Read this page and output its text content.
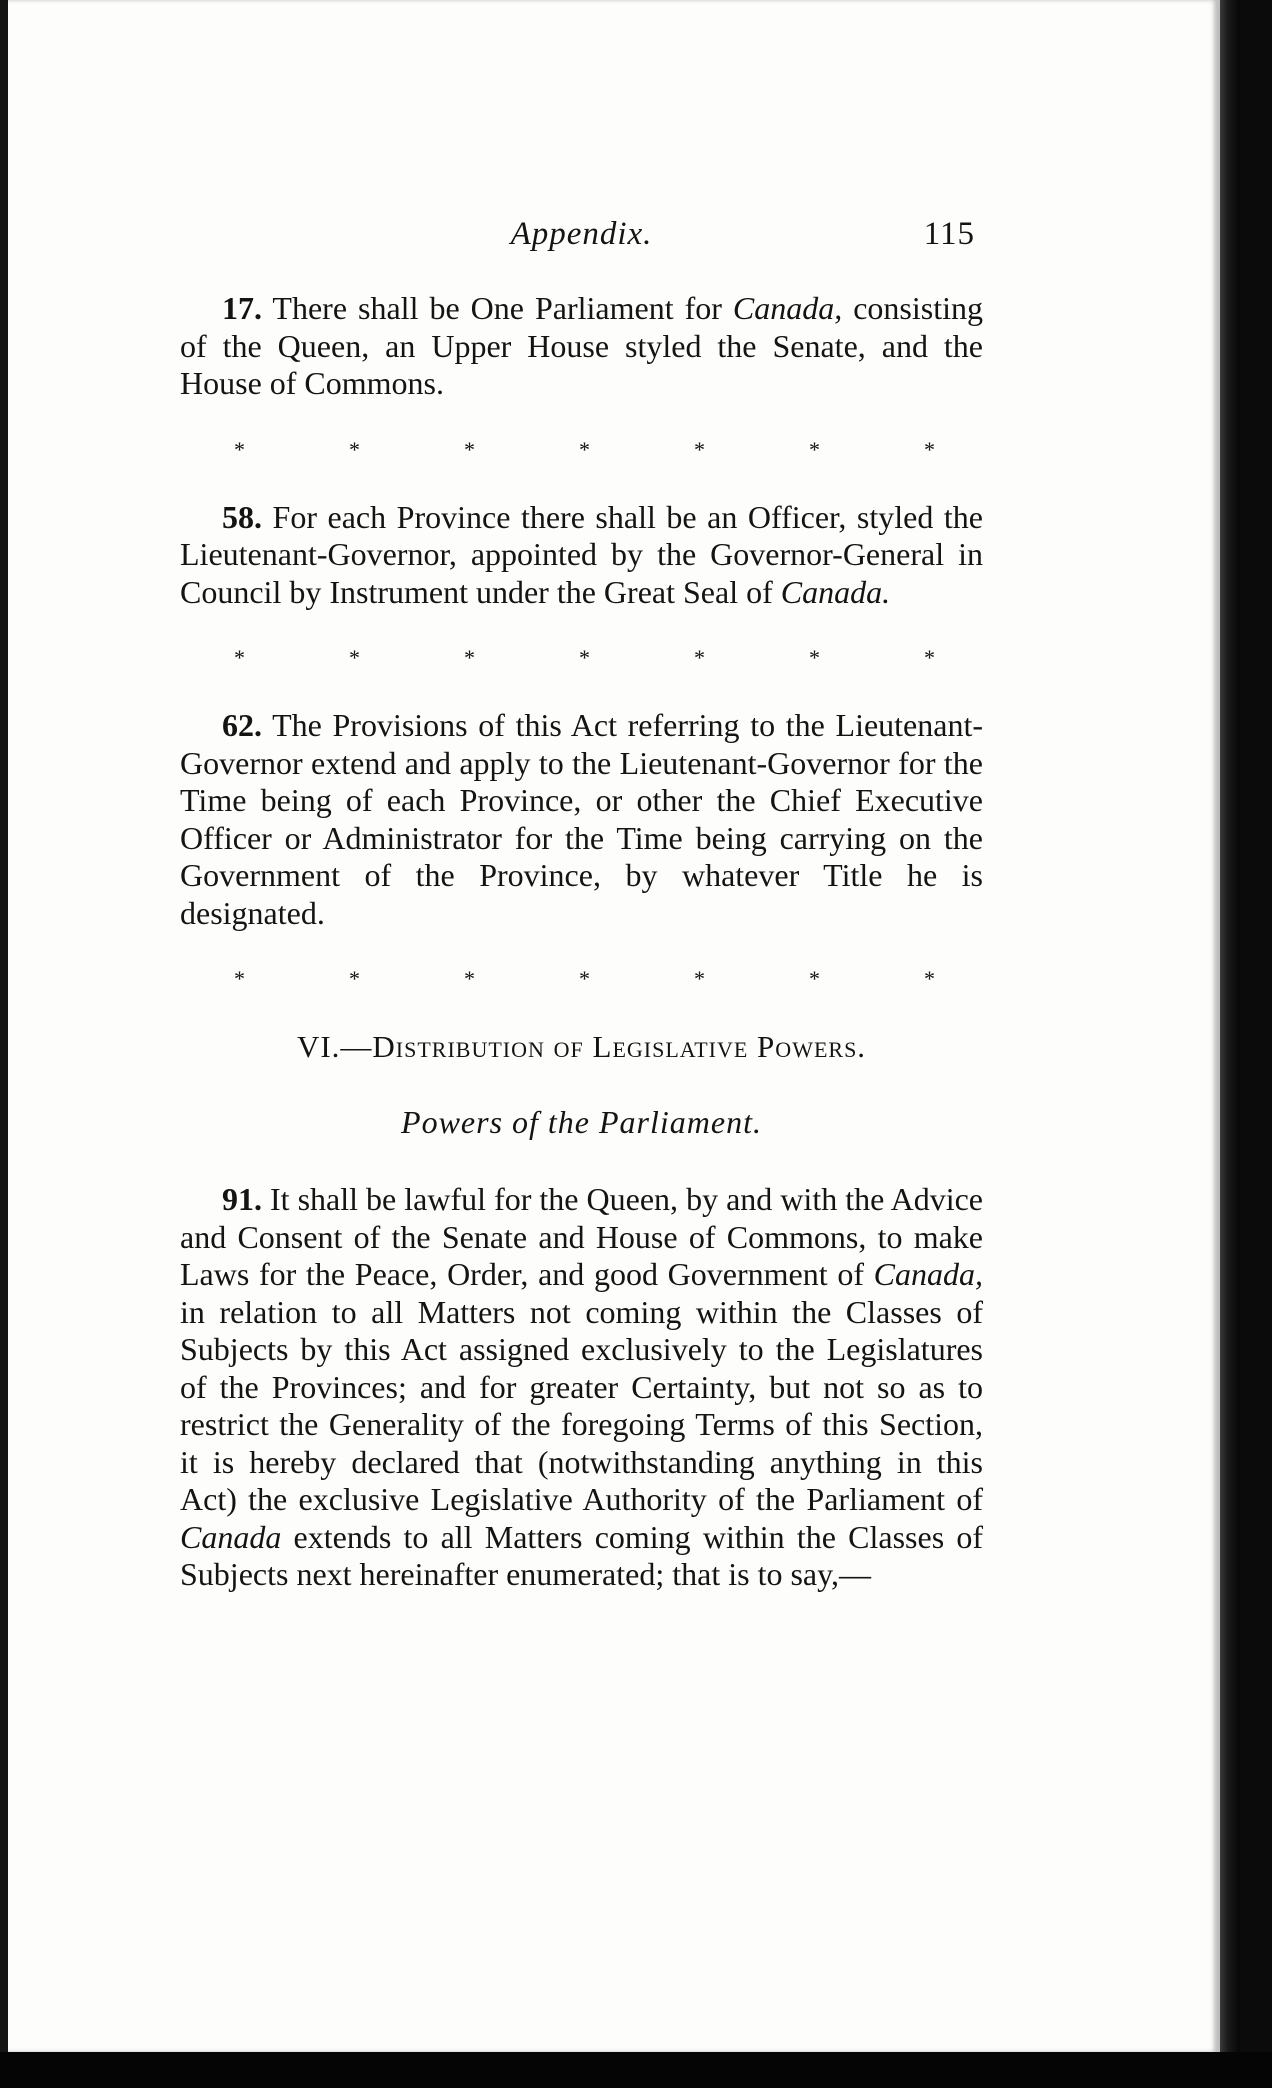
Appendix.	115

17. There shall be One Parliament for Canada, consisting of the Queen, an Upper House styled the Senate, and the House of Commons.

*	*	*	*	*	*	*

58. For each Province there shall be an Officer, styled the Lieutenant-Governor, appointed by the Governor-General in Council by Instrument under the Great Seal of Canada.

*	*	*	*	*	*	*

62. The Provisions of this Act referring to the Lieutenant-Governor extend and apply to the Lieutenant-Governor for the Time being of each Province, or other the Chief Executive Officer or Administrator for the Time being carrying on the Government of the Province, by whatever Title he is designated.

*	*	*	*	*	*	*

VI.—Distribution of Legislative Powers.

Powers of the Parliament.

91. It shall be lawful for the Queen, by and with the Advice and Consent of the Senate and House of Commons, to make Laws for the Peace, Order, and good Government of Canada, in relation to all Matters not coming within the Classes of Subjects by this Act assigned exclusively to the Legislatures of the Provinces; and for greater Certainty, but not so as to restrict the Generality of the foregoing Terms of this Section, it is hereby declared that (notwithstanding anything in this Act) the exclusive Legislative Authority of the Parliament of Canada extends to all Matters coming within the Classes of Subjects next hereinafter enumerated; that is to say,—
